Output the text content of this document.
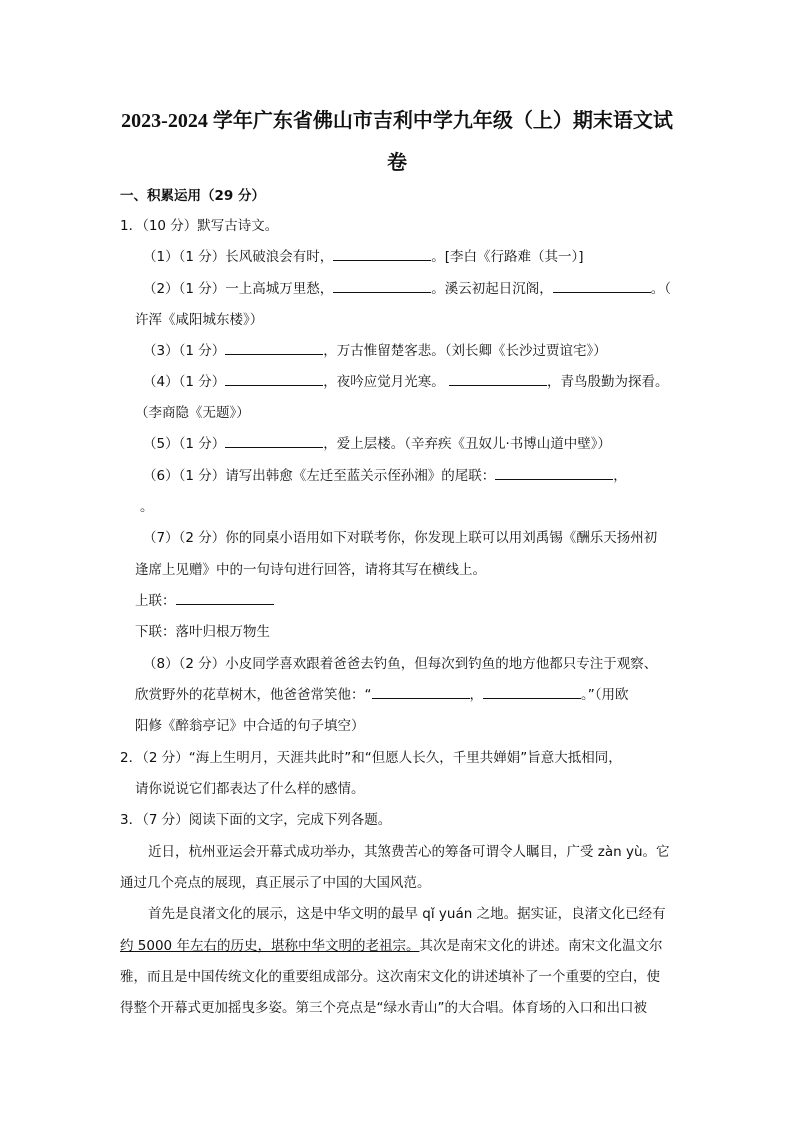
2023-2024 学年广东省佛山市吉利中学九年级（上）期末语文试
卷
一、积累运用（29 分）
1．（10 分）默写古诗文。
（1）（1 分）长风破浪会有时，	。[李白《行路难（其一）]
（2）（1 分）一上高城万里愁，	。溪云初起日沉阁，	。（
许浑《咸阳城东楼》）
（3）（1 分）	，万古惟留楚客悲。（刘长卿《长沙过贾谊宅》）
（4）（1 分）	，夜吟应觉月光寒。	，青鸟殷勤为探看。
（李商隐《无题》）
（5）（1 分）	，爱上层楼。（辛弃疾《丑奴儿·书博山道中壁》）
（6）（1 分）请写出韩愈《左迁至蓝关示侄孙湘》的尾联：	，
。
（7）（2 分）你的同桌小语用如下对联考你，你发现上联可以用刘禹锡《酬乐天扬州初
逢席上见赠》中的一句诗句进行回答，请将其写在横线上。
上联：
下联：落叶归根万物生
（8）（2 分）小皮同学喜欢跟着爸爸去钓鱼，但每次到钓鱼的地方他都只专注于观察、
欣赏野外的花草树木，他爸爸常笑他：“	，	。”（用欧
阳修《醉翁亭记》中合适的句子填空）
2．（2 分）“海上生明月，天涯共此时”和“但愿人长久，千里共婵娟”旨意大抵相同，
请你说说它们都表达了什么样的感情。
3．（7 分）阅读下面的文字，完成下列各题。
近日，杭州亚运会开幕式成功举办，其煞费苦心的筹备可谓令人瞩目，广受 zàn yù。它
通过几个亮点的展现，真正展示了中国的大国风范。
首先是良渚文化的展示，这是中华文明的最早 qǐ yuán 之地。据实证，良渚文化已经有
约 5000 年左右的历史，堪称中华文明的老祖宗。其次是南宋文化的讲述。南宋文化温文尔
雅，而且是中国传统文化的重要组成部分。这次南宋文化的讲述填补了一个重要的空白，使
得整个开幕式更加摇曳多姿。第三个亮点是“绿水青山”的大合唱。体育场的入口和出口被
